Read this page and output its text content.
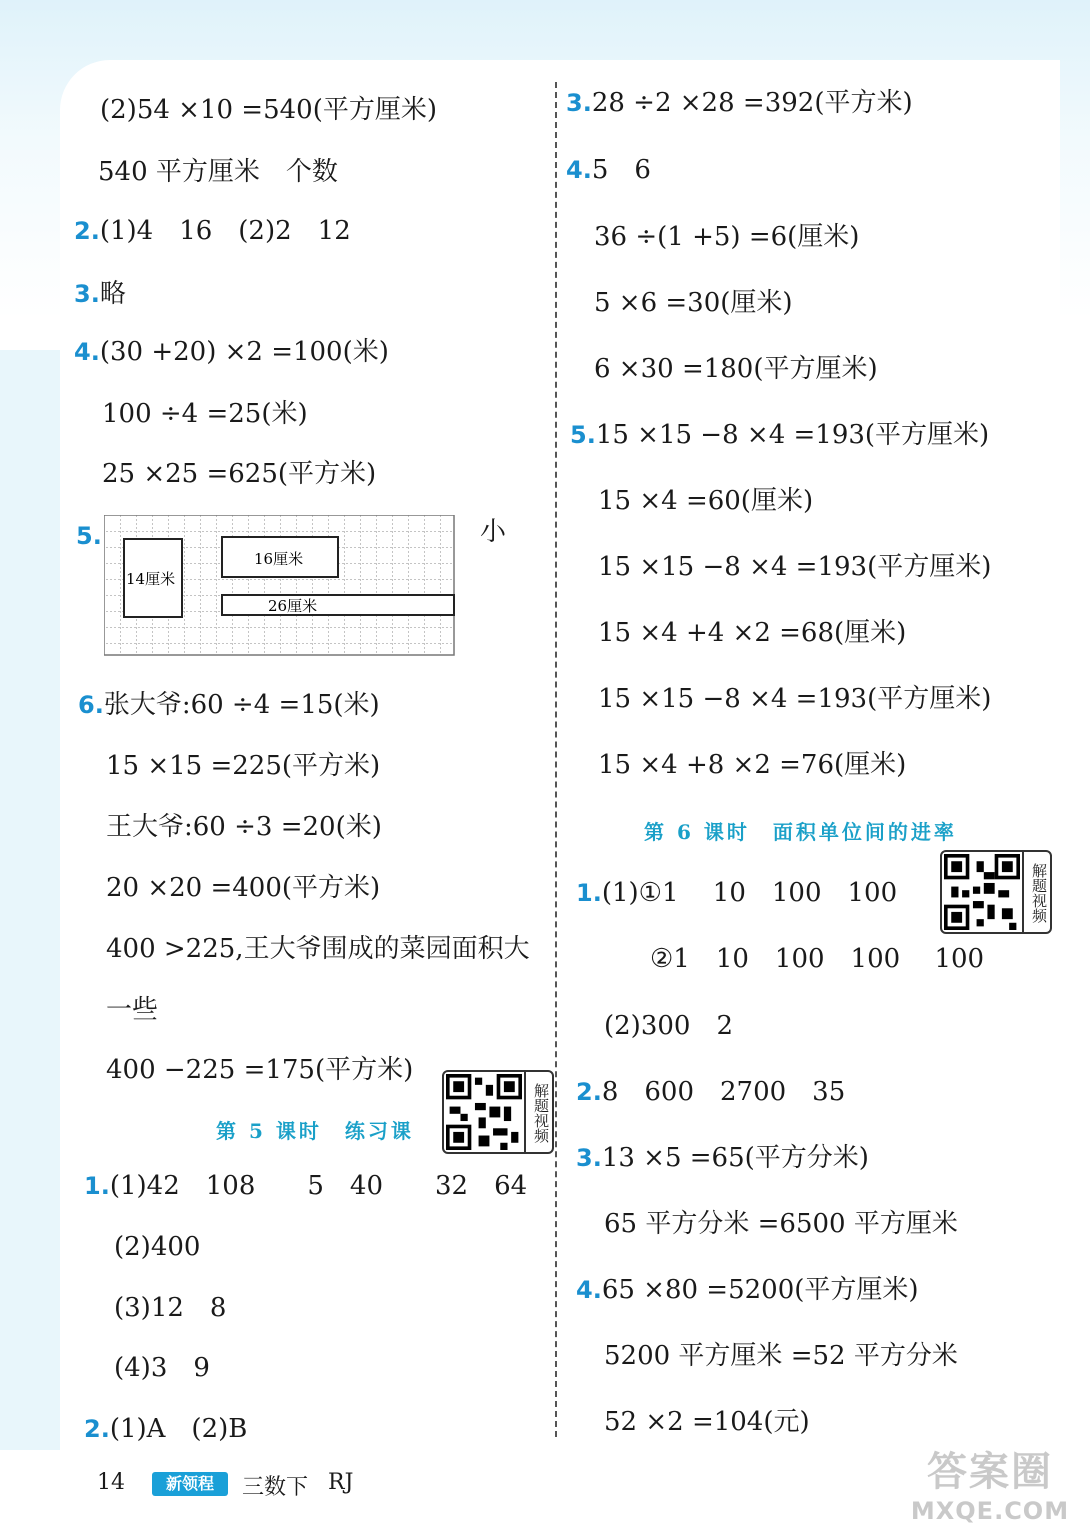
(2)54 ×10 =540(平方厘米)
540 平方厘米　个数
2.(1)4　16　(2)2　12
3.略
4.(30 +20) ×2 =100(米)
100 ÷4 =25(米)
25 ×25 =625(平方米)
5.
14厘米
16厘米
26厘米
小
6.张大爷:60 ÷4 =15(米)
15 ×15 =225(平方米)
王大爷:60 ÷3 =20(米)
20 ×20 =400(平方米)
400 >225,王大爷围成的菜园面积大
一些
400 −225 =175(平方米)
第 5 课时　练习课	解题视频
1.(1)42　108　　5　40　　32　64
(2)400
(3)12　8
(4)3　9
2.(1)A　(2)B
3.28 ÷2 ×28 =392(平方米)
4.5　6
36 ÷(1 +5) =6(厘米)
5 ×6 =30(厘米)
6 ×30 =180(平方厘米)
5.15 ×15 −8 ×4 =193(平方厘米)
15 ×4 =60(厘米)
15 ×15 −8 ×4 =193(平方厘米)
15 ×4 +4 ×2 =68(厘米)
15 ×15 −8 ×4 =193(平方厘米)
15 ×4 +8 ×2 =76(厘米)
第 6 课时　面积单位间的进率
解题视频
1.(1)①1　 10　100　100
②1　10　100　100　 100
(2)300　2
2.8　600　2700　35
3.13 ×5 =65(平方分米)
65 平方分米 =6500 平方厘米
4.65 ×80 =5200(平方厘米)
5200 平方厘米 =52 平方分米
52 ×2 =104(元)
14	新领程	三数下 RJ	答案圈
MXQE.COM
